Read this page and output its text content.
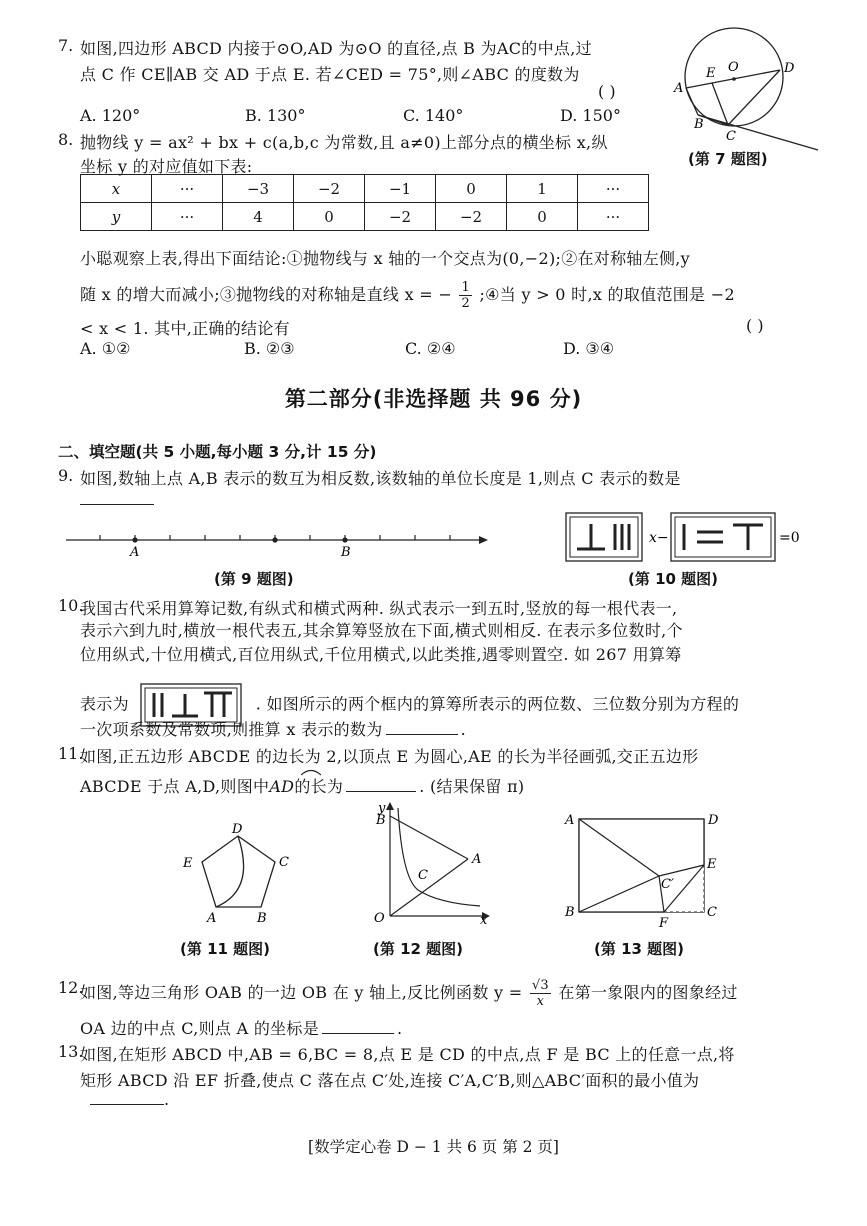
7. 如图,四边形 ABCD 内接于⊙O,AD 为⊙O 的直径,点 B 为AC的中点,过
点 C 作 CE∥AB 交 AD 于点 E. 若∠CED = 75°,则∠ABC 的度数为
( )
A. 120°	B. 130°	C. 140°	D. 150°
A
B
C
D
E O
(第 7 题图)
8. 抛物线 y = ax² + bx + c(a,b,c 为常数,且 a≠0)上部分点的横坐标 x,纵
坐标 y 的对应值如下表:
x	···	−3	−2	−1	0	1	···
y	···	4	0	−2	−2	0	···
小聪观察上表,得出下面结论:①抛物线与 x 轴的一个交点为(0,−2);②在对称轴左侧,y
随 x 的增大而减小;③抛物线的对称轴是直线 x = − $\frac{1}{2}$ ;④当 y > 0 时,x 的取值范围是 −2
< x < 1. 其中,正确的结论有	( )
A. ①②	B. ②③	C. ②④	D. ③④
第二部分(非选择题 共 96 分)
二、填空题(共 5 小题,每小题 3 分,计 15 分)
9. 如图,数轴上点 A,B 表示的数互为相反数,该数轴的单位长度是 1,则点 C 表示的数是
A	B
(第 9 题图)
x−	=0
(第 10 题图)
10.
我国古代采用算筹记数,有纵式和横式两种. 纵式表示一到五时,竖放的每一根代表一,
表示六到九时,横放一根代表五,其余算筹竖放在下面,横式则相反. 在表示多位数时,个
位用纵式,十位用横式,百位用纵式,千位用横式,以此类推,遇零则置空. 如 267 用算筹
表示为	. 如图所示的两个框内的算筹所表示的两位数、三位数分别为方程的
一次项系数及常数项,则推算 x 表示的数为	.
11.
如图,正五边形 ABCDE 的边长为 2,以顶点 E 为圆心,AE 的长为半径画弧,交正五边形
ABCDE 于点 A,D,则图中AD的长为	. (结果保留 π)
D
C
B
A
E
(第 11 题图)
y
B
A
C
O	x
(第 12 题图)
A	D
E
C
B
F
C′
(第 13 题图)
12.
如图,等边三角形 OAB 的一边 OB 在 y 轴上,反比例函数 $y = \frac{√3}{x}$ 在第一象限内的图象经过
OA 边的中点 C,则点 A 的坐标是	.
13.
如图,在矩形 ABCD 中,AB = 6,BC = 8,点 E 是 CD 的中点,点 F 是 BC 上的任意一点,将
矩形 ABCD 沿 EF 折叠,使点 C 落在点 C′处,连接 C′A,C′B,则△ABC′面积的最小值为
.
[数学定心卷 D − 1 共 6 页 第 2 页]
